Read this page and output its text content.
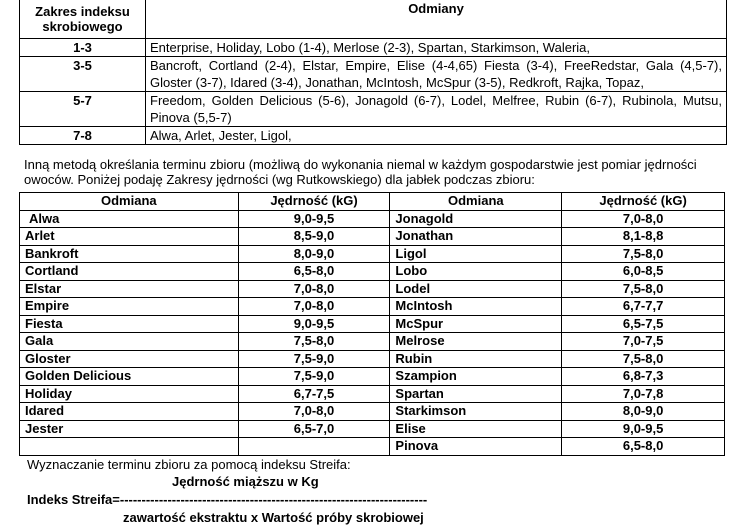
Zakres indeksu skrobiowego	Odmiany
1-3	Enterprise, Holiday, Lobo (1-4), Merlose (2-3), Spartan, Starkimson, Waleria,
3-5	Bancroft, Cortland (2-4), Elstar, Empire, Elise (4-4,65) Fiesta (3-4), FreeRedstar, Gala (4,5-7), Gloster (3-7), Idared (3-4), Jonathan, McIntosh, McSpur (3-5), Redkroft, Rajka, Topaz,
5-7	Freedom, Golden Delicious (5-6), Jonagold (6-7), Lodel, Melfree, Rubin (6-7), Rubinola, Mutsu, Pinova (5,5-7)
7-8	Alwa, Arlet, Jester, Ligol,
Inną metodą określania terminu zbioru (możliwą do wykonania niemal w każdym gospodarstwie jest pomiar jędrności owoców. Poniżej podaję Zakresy jędrności (wg Rutkowskiego) dla jabłek podczas zbioru:
Odmiana	Jędrność (kG)	Odmiana	Jędrność (kG)
Alwa	9,0-9,5	Jonagold	7,0-8,0
Arlet	8,5-9,0	Jonathan	8,1-8,8
Bankroft	8,0-9,0	Ligol	7,5-8,0
Cortland	6,5-8,0	Lobo	6,0-8,5
Elstar	7,0-8,0	Lodel	7,5-8,0
Empire	7,0-8,0	McIntosh	6,7-7,7
Fiesta	9,0-9,5	McSpur	6,5-7,5
Gala	7,5-8,0	Melrose	7,0-7,5
Gloster	7,5-9,0	Rubin	7,5-8,0
Golden Delicious	7,5-9,0	Szampion	6,8-7,3
Holiday	6,7-7,5	Spartan	7,0-7,8
Idared	7,0-8,0	Starkimson	8,0-9,0
Jester	6,5-7,0	Elise	9,0-9,5
		Pinova	6,5-8,0
Wyznaczanie terminu zbioru za pomocą indeksu Streifa:
Jędrność miąższu w Kg
Indeks Streifa=-----------------------------------------------------------------------
zawartość ekstraktu x Wartość próby skrobiowej
